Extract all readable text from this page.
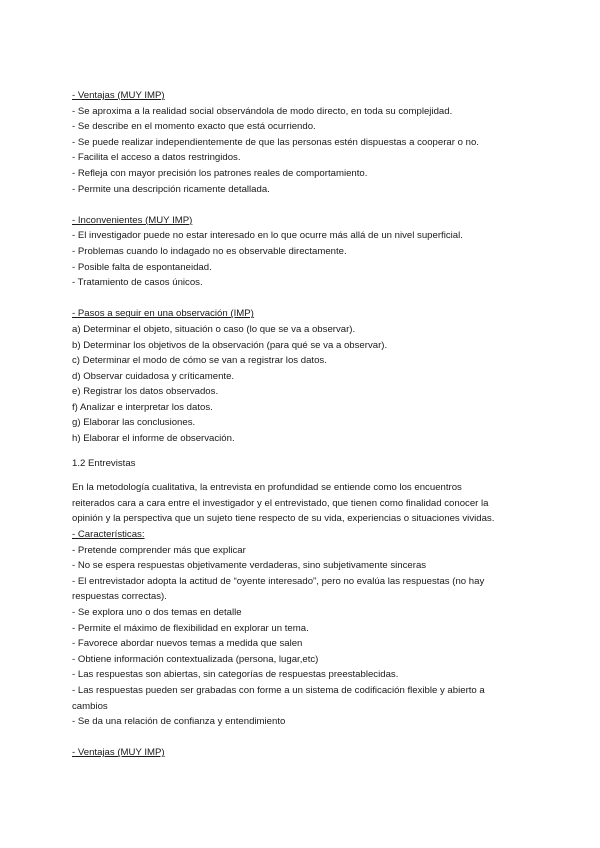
- Ventajas (MUY IMP)
- Se aproxima a la realidad social observándola de modo directo, en toda su complejidad.
- Se describe en el momento exacto que está ocurriendo.
- Se puede realizar independientemente de que las personas estén dispuestas a cooperar o no.
- Facilita el acceso a datos restringidos.
- Refleja con mayor precisión los patrones reales de comportamiento.
- Permite una descripción ricamente detallada.
- Inconvenientes (MUY IMP)
- El investigador puede no estar interesado en lo que ocurre más allá de un nivel superficial.
- Problemas cuando lo indagado no es observable directamente.
- Posible falta de espontaneidad.
- Tratamiento de casos únicos.
- Pasos a seguir en una observación (IMP)
a) Determinar el objeto, situación o caso (lo que se va a observar).
b) Determinar los objetivos de la observación (para qué se va a observar).
c) Determinar el modo de cómo se van a registrar los datos.
d) Observar cuidadosa y críticamente.
e) Registrar los datos observados.
f) Analizar e interpretar los datos.
g) Elaborar las conclusiones.
h) Elaborar el informe de observación.
1.2 Entrevistas
En la metodología cualitativa, la entrevista en profundidad se entiende como los encuentros
reiterados cara a cara entre el investigador y el entrevistado, que tienen como finalidad conocer la
opinión y la perspectiva que un sujeto tiene respecto de su vida, experiencias o situaciones vividas.
- Características:
- Pretende comprender más que explicar
- No se espera respuestas objetivamente verdaderas, sino subjetivamente sinceras
- El entrevistador adopta la actitud de “oyente interesado”, pero no evalúa las respuestas (no hay
respuestas correctas).
- Se explora uno o dos temas en detalle
- Permite el máximo de flexibilidad en explorar un tema.
- Favorece abordar nuevos temas a medida que salen
- Obtiene información contextualizada (persona, lugar,etc)
- Las respuestas son abiertas, sin categorías de respuestas preestablecidas.
- Las respuestas pueden ser grabadas con forme a un sistema de codificación flexible y abierto a
cambios
- Se da una relación de confianza y entendimiento
- Ventajas (MUY IMP)
